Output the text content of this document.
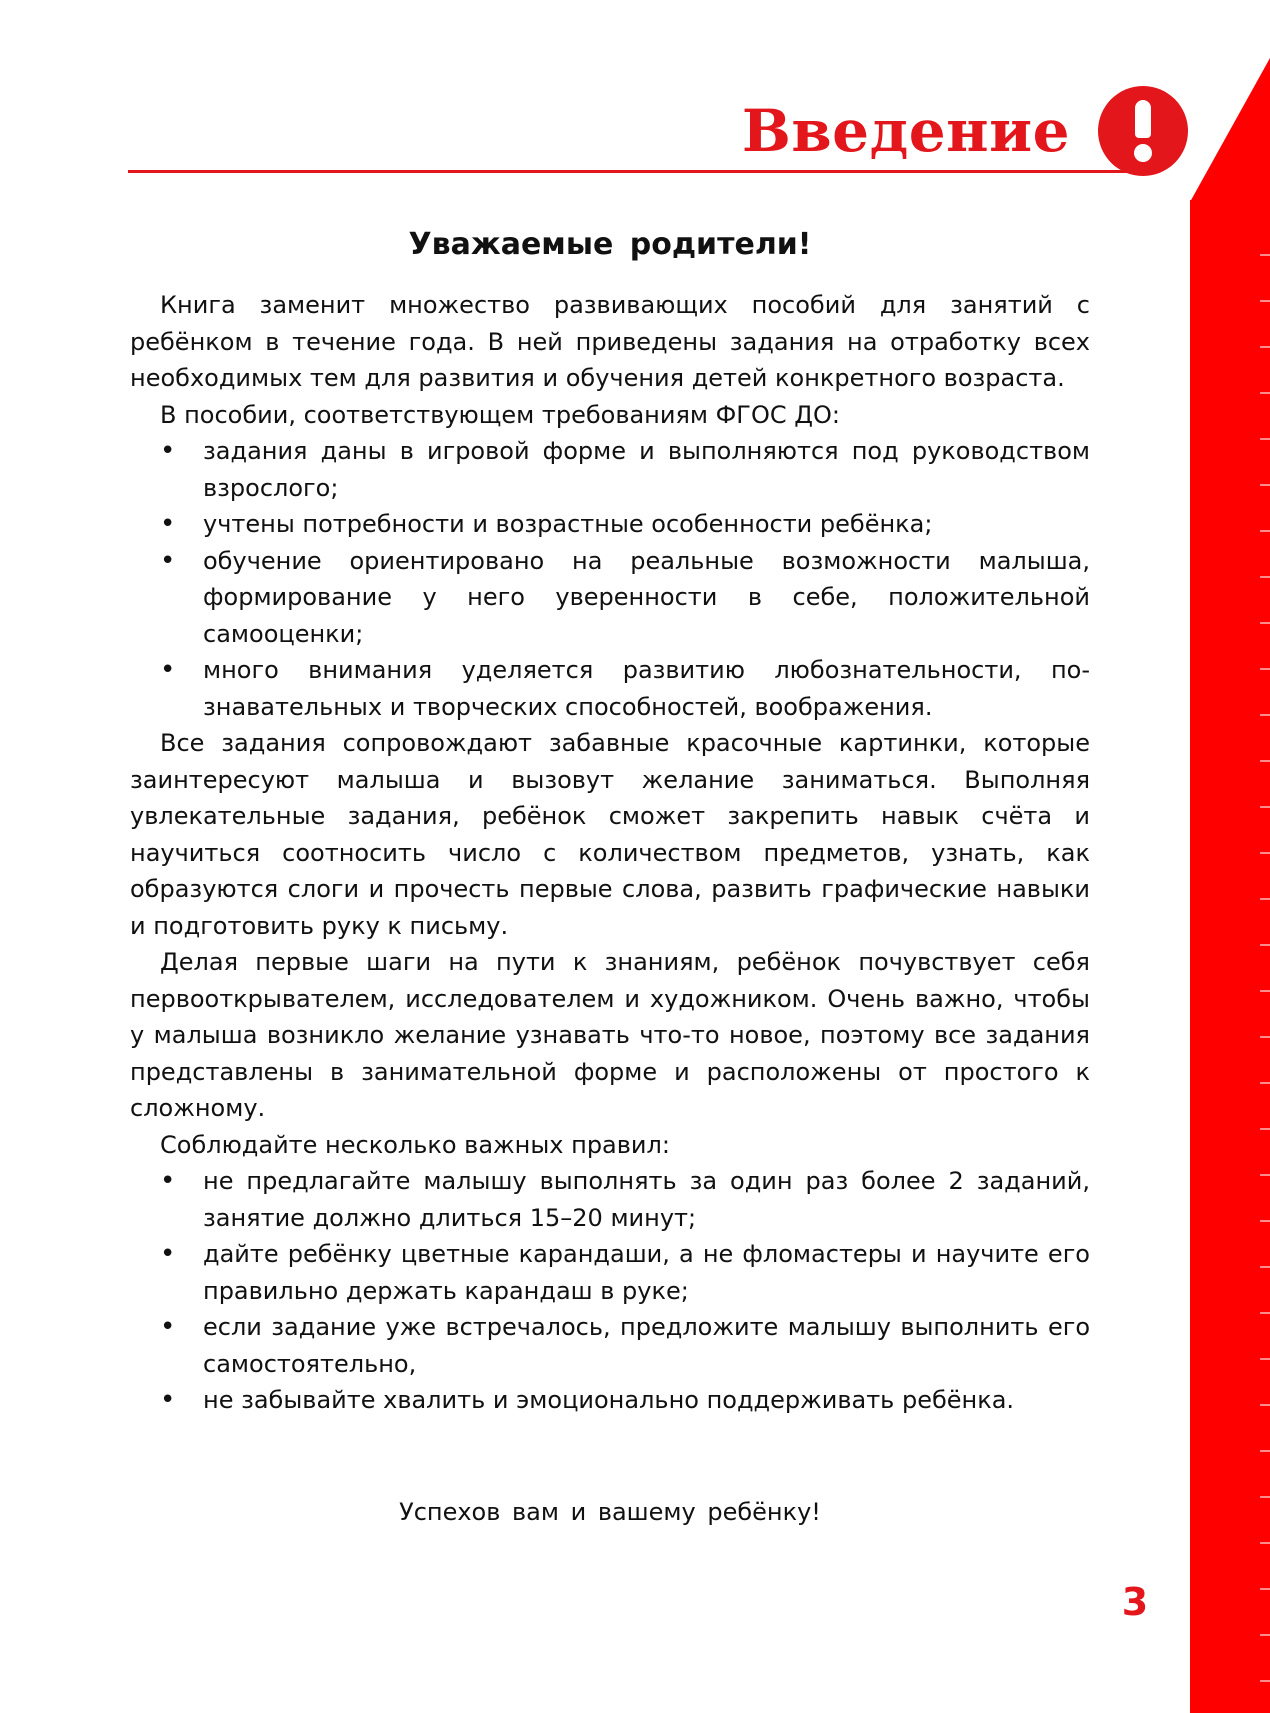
Введение
Уважаемые родители!

Книга заменит множество развивающих пособий для занятий с ребёнком в течение года. В ней приведены задания на отработку всех необходимых тем для развития и обучения детей конкретного возраста.

В пособии, соответствующем требованиям ФГОС ДО:

• задания даны в игровой форме и выполняются под руководством взрослого;
• учтены потребности и возрастные особенности ребёнка;
• обучение ориентировано на реальные возможности малыша, формирование у него уверенности в себе, положительной самооценки;
• много внимания уделяется развитию любознательности, познавательных и творческих способностей, воображения.

Все задания сопровождают забавные красочные картинки, которые заинтересуют малыша и вызовут желание заниматься. Выполняя увлекательные задания, ребёнок сможет закрепить навык счёта и научиться соотносить число с количеством предметов, узнать, как образуются слоги и прочесть первые слова, развить графические навыки и подготовить руку к письму.

Делая первые шаги на пути к знаниям, ребёнок почувствует себя первооткрывателем, исследователем и художником. Очень важно, чтобы у малыша возникло желание узнавать что-то новое, поэтому все задания представлены в занимательной форме и расположены от простого к сложному.

Соблюдайте несколько важных правил:

• не предлагайте малышу выполнять за один раз более 2 заданий, занятие должно длиться 15–20 минут;
• дайте ребёнку цветные карандаши, а не фломастеры и научите его правильно держать карандаш в руке;
• если задание уже встречалось, предложите малышу выполнить его самостоятельно,
• не забывайте хвалить и эмоционально поддерживать ребёнка.
Успехов вам и вашему ребёнку!
3
